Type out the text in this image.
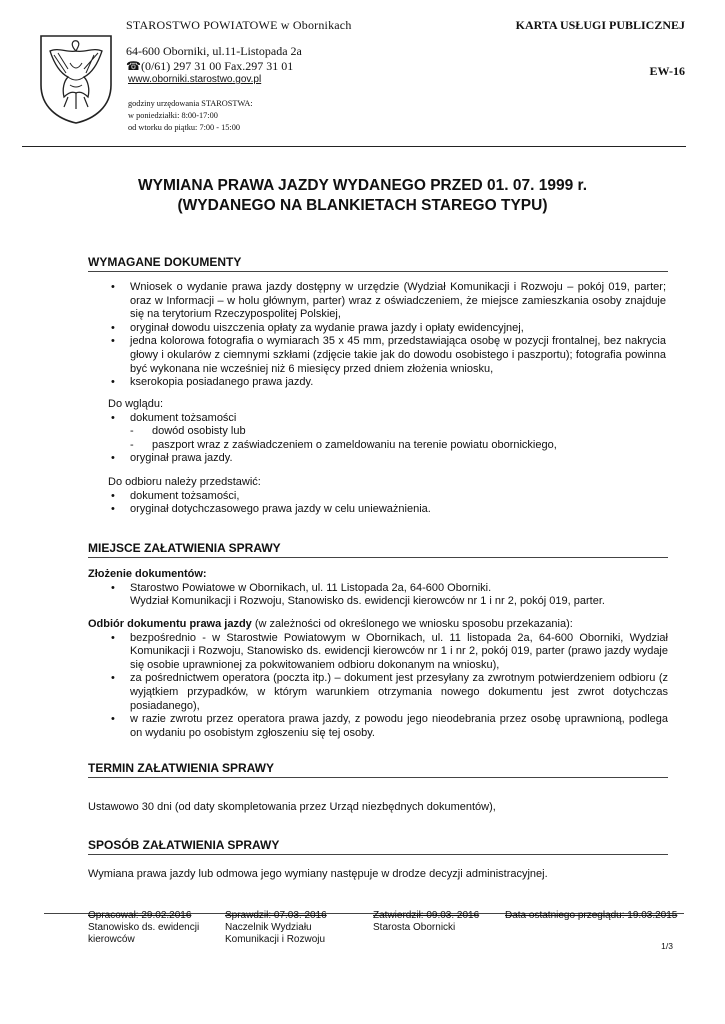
STAROSTWO POWIATOWE w Obornikach	KARTA USŁUGI PUBLICZNEJ
EW-16
64-600 Oborniki, ul.11-Listopada 2a
☎(0/61) 297 31 00 Fax.297 31 01
www.oborniki.starostwo.gov.pl
godziny urzędowania STAROSTWA:
w poniedziałki: 8:00-17:00
od wtorku do piątku: 7:00 - 15:00
WYMIANA PRAWA JAZDY WYDANEGO PRZED 01. 07. 1999 r.
(WYDANEGO NA BLANKIETACH STAREGO TYPU)
WYMAGANE DOKUMENTY
• Wniosek o wydanie prawa jazdy dostępny w urzędzie (Wydział Komunikacji i Rozwoju – pokój 019, parter; oraz w Informacji – w holu głównym, parter) wraz z oświadczeniem, że miejsce zamieszkania osoby znajduje się na terytorium Rzeczypospolitej Polskiej,
• oryginał dowodu uiszczenia opłaty za wydanie prawa jazdy i opłaty ewidencyjnej,
• jedna kolorowa fotografia o wymiarach 35 x 45 mm, przedstawiająca osobę w pozycji frontalnej, bez nakrycia głowy i okularów z ciemnymi szkłami (zdjęcie takie jak do dowodu osobistego i paszportu); fotografia powinna być wykonana nie wcześniej niż 6 miesięcy przed dniem złożenia wniosku,
• kserokopia posiadanego prawa jazdy.
Do wglądu:
• dokument tożsamości
- dowód osobisty lub
- paszport wraz z zaświadczeniem o zameldowaniu na terenie powiatu obornickiego,
• oryginał prawa jazdy.
Do odbioru należy przedstawić:
• dokument tożsamości,
• oryginał dotychczasowego prawa jazdy w celu unieważnienia.
MIEJSCE ZAŁATWIENIA SPRAWY
Złożenie dokumentów:
• Starostwo Powiatowe w Obornikach, ul. 11 Listopada 2a, 64-600 Oborniki.
Wydział Komunikacji i Rozwoju, Stanowisko ds. ewidencji kierowców nr 1 i nr 2, pokój 019, parter.
Odbiór dokumentu prawa jazdy (w zależności od określonego we wniosku sposobu przekazania):
• bezpośrednio - w Starostwie Powiatowym w Obornikach, ul. 11 listopada 2a, 64-600 Oborniki, Wydział Komunikacji i Rozwoju, Stanowisko ds. ewidencji kierowców nr 1 i nr 2, pokój 019, parter (prawo jazdy wydaje się osobie uprawnionej za pokwitowaniem odbioru dokonanym na wniosku),
• za pośrednictwem operatora (poczta itp.) – dokument jest przesyłany za zwrotnym potwierdzeniem odbioru (z wyjątkiem przypadków, w którym warunkiem otrzymania nowego dokumentu jest zwrot dotychczas posiadanego),
• w razie zwrotu przez operatora prawa jazdy, z powodu jego nieodebrania przez osobę uprawnioną, podlega on wydaniu po osobistym zgłoszeniu się tej osoby.
TERMIN ZAŁATWIENIA SPRAWY
Ustawowo 30 dni (od daty skompletowania przez Urząd niezbędnych dokumentów),
SPOSÓB ZAŁATWIENIA SPRAWY
Wymiana prawa jazdy lub odmowa jego wymiany następuje w drodze decyzji administracyjnej.
Opracował: 29.02.2016
Stanowisko ds. ewidencji
kierowców
Sprawdził: 07.03. 2016
Naczelnik Wydziału
Komunikacji i Rozwoju
Zatwierdził: 09.03. 2016
Starosta Obornicki
Data ostatniego przeglądu: 19.03.2015
1/3
